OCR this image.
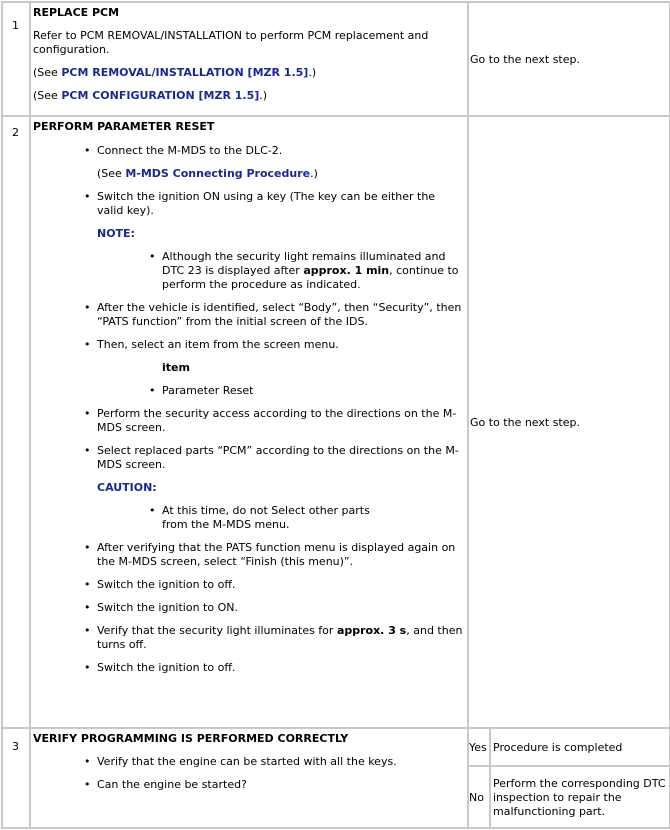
1

REPLACE PCM

Refer to PCM REMOVAL/INSTALLATION to perform PCM replacement and configuration.

(See PCM REMOVAL/INSTALLATION [MZR 1.5].)

(See PCM CONFIGURATION [MZR 1.5].)

	Go to the next step.

2	PERFORM PARAMETER RESET
• Connect the M-MDS to the DLC-2.
(See M-MDS Connecting Procedure.)
• Switch the ignition ON using a key (The key can be either the valid key).
NOTE:
• Although the security light remains illuminated and DTC 23 is displayed after approx. 1 min, continue to perform the procedure as indicated.
• After the vehicle is identified, select “Body”, then “Security”, then “PATS function” from the initial screen of the IDS.
• Then, select an item from the screen menu.
item
• Parameter Reset
• Perform the security access according to the directions on the M-MDS screen.
• Select replaced parts “PCM” according to the directions on the M-MDS screen.
CAUTION:
• At this time, do not Select other parts from the M-MDS menu.
• After verifying that the PATS function menu is displayed again on the M-MDS screen, select “Finish (this menu)”.
• Switch the ignition to off.
• Switch the ignition to ON.
• Verify that the security light illuminates for approx. 3 s, and then turns off.
• Switch the ignition to off.
	Go to the next step.

3

VERIFY PROGRAMMING IS PERFORMED CORRECTLY
• Verify that the engine can be started with all the keys.
• Can the engine be started?

Yes	Procedure is completed
No	Perform the corresponding DTC inspection to repair the malfunctioning part.
